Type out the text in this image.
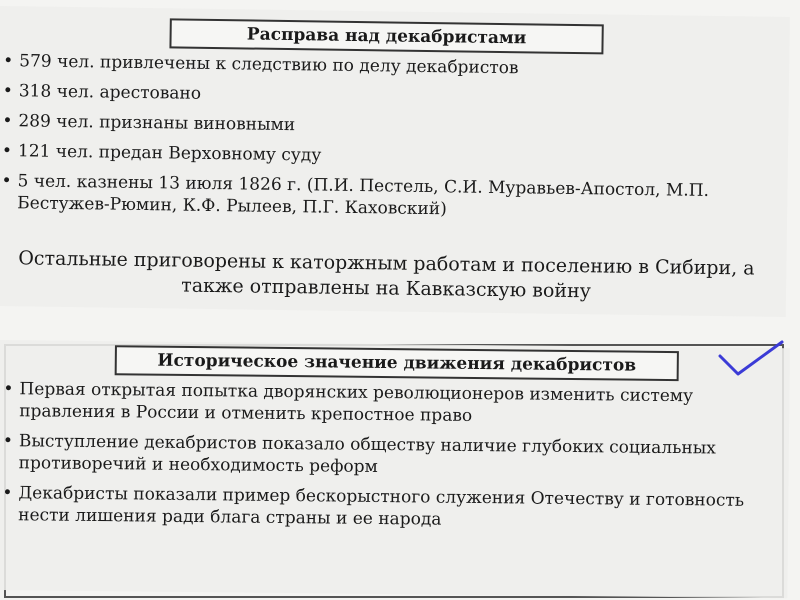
Расправа над декабристами
• 579 чел. привлечены к следствию по делу декабристов
• 318 чел. арестовано
• 289 чел. признаны виновными
• 121 чел. предан Верховному суду
• 5 чел. казнены 13 июля 1826 г. (П.И. Пестель, С.И. Муравьев-Апостол, М.П. Бестужев-Рюмин, К.Ф. Рылеев, П.Г. Каховский)
Остальные приговорены к каторжным работам и поселению в Сибири, а также отправлены на Кавказскую войну
Историческое значение движения декабристов
• Первая открытая попытка дворянских революционеров изменить систему правления в России и отменить крепостное право
• Выступление декабристов показало обществу наличие глубоких социальных противоречий и необходимость реформ
• Декабристы показали пример бескорыстного служения Отечеству и готовность нести лишения ради блага страны и ее народа
